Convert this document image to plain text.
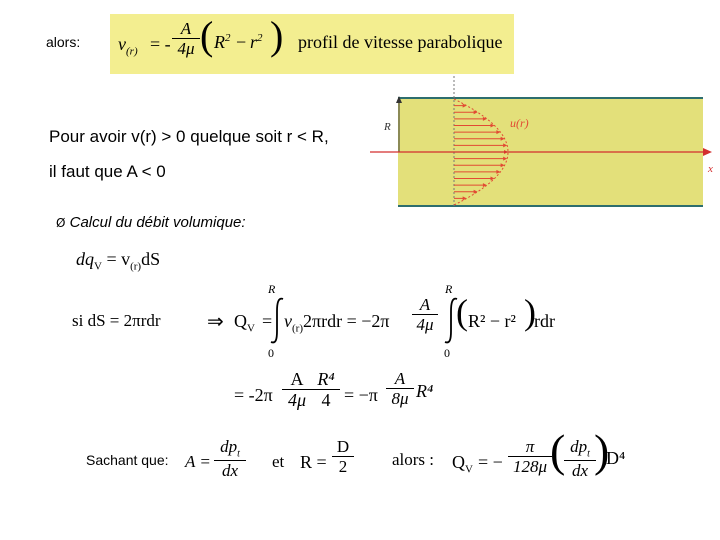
alors: $v_{(r)}$ = - $\frac{A}{4\mu}$ ( $R^2 - r^2$ ) profil de vitesse parabolique
Pour avoir v(r) > 0 quelque soit r < R,
il faut que A < 0
Ø Calcul du débit volumique:
R	u(r)
x
$dq_V = v_{(r)}dS$
si dS = 2πrdr ⇒ $Q_V$ =
R
0
$v_{(r)}2\pi rdr = -2\pi \frac{A}{4\mu}$
R
0
( R² − r² )
rdr
= $-2\pi \frac{A}{4\mu} \frac{\text{R⁴}}{4} = -\pi \frac{A}{8\mu} R^4$
Sachant que: A =
$dp_t$
dx	et $R = \frac{D}{2}$ alors : $Q_V$ = − $\frac{\pi}{128\mu}$
( $dp_t$
dx )
D⁴
